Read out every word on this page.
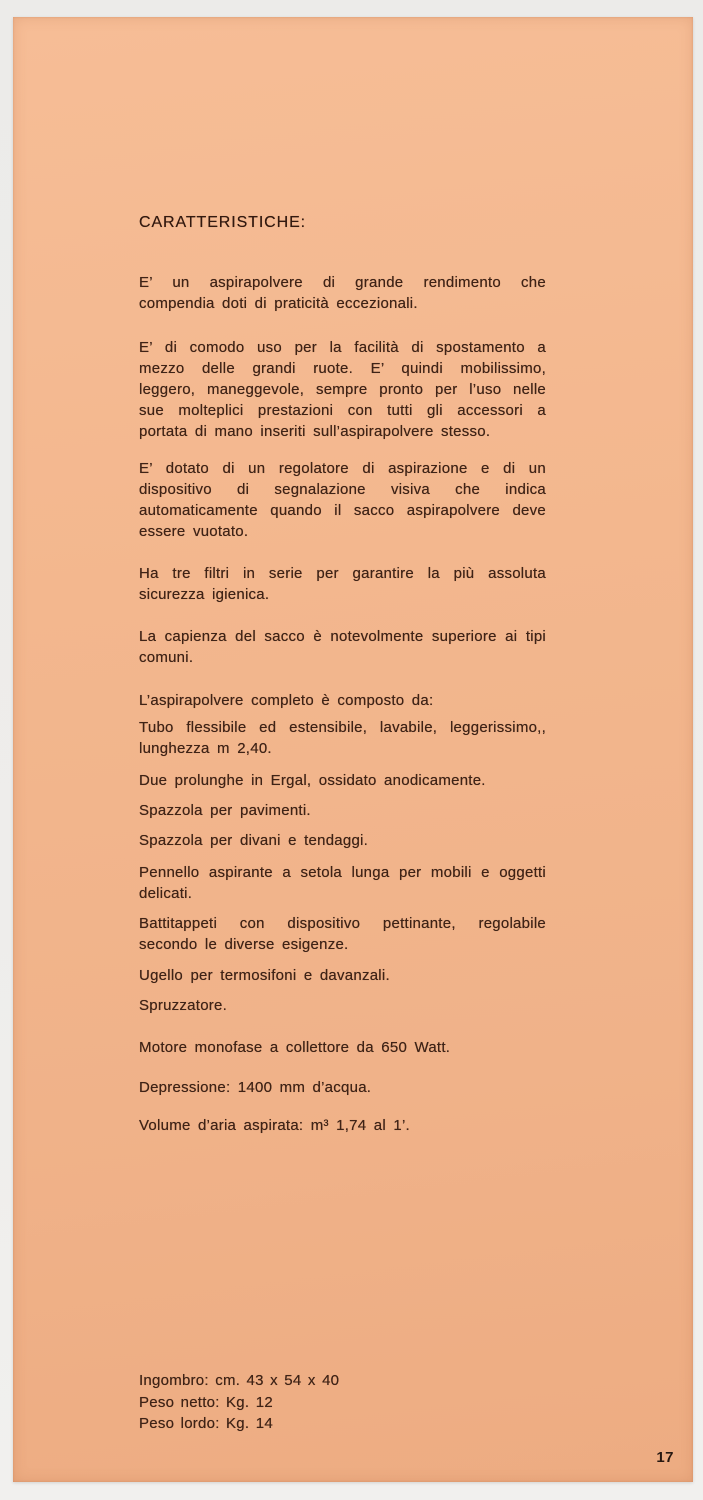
CARATTERISTICHE:

E’ un aspirapolvere di grande rendimento che compendia doti di praticità eccezionali.

E’ di comodo uso per la facilità di spostamento a mezzo delle grandi ruote. E’ quindi mobilissimo, leggero, maneggevole, sempre pronto per l’uso nelle sue molteplici prestazioni con tutti gli accessori a portata di mano inseriti sull’aspirapolvere stesso.

E’ dotato di un regolatore di aspirazione e di un dispositivo di segnalazione visiva che indica automaticamente quando il sacco aspirapolvere deve essere vuotato.

Ha tre filtri in serie per garantire la più assoluta sicurezza igienica.

La capienza del sacco è notevolmente superiore ai tipi comuni.

L’aspirapolvere completo è composto da:

Tubo flessibile ed estensibile, lavabile, leggerissimo,, lunghezza m 2,40.

Due prolunghe in Ergal, ossidato anodicamente.

Spazzola per pavimenti.

Spazzola per divani e tendaggi.

Pennello aspirante a setola lunga per mobili e oggetti delicati.

Battitappeti con dispositivo pettinante, regolabile secondo le diverse esigenze.

Ugello per termosifoni e davanzali.

Spruzzatore.

Motore monofase a collettore da 650 Watt.

Depressione: 1400 mm d’acqua.

Volume d’aria aspirata: m³ 1,74 al 1’.

Ingombro: cm. 43 x 54 x 40

Peso netto: Kg. 12

Peso lordo: Kg. 14

17
